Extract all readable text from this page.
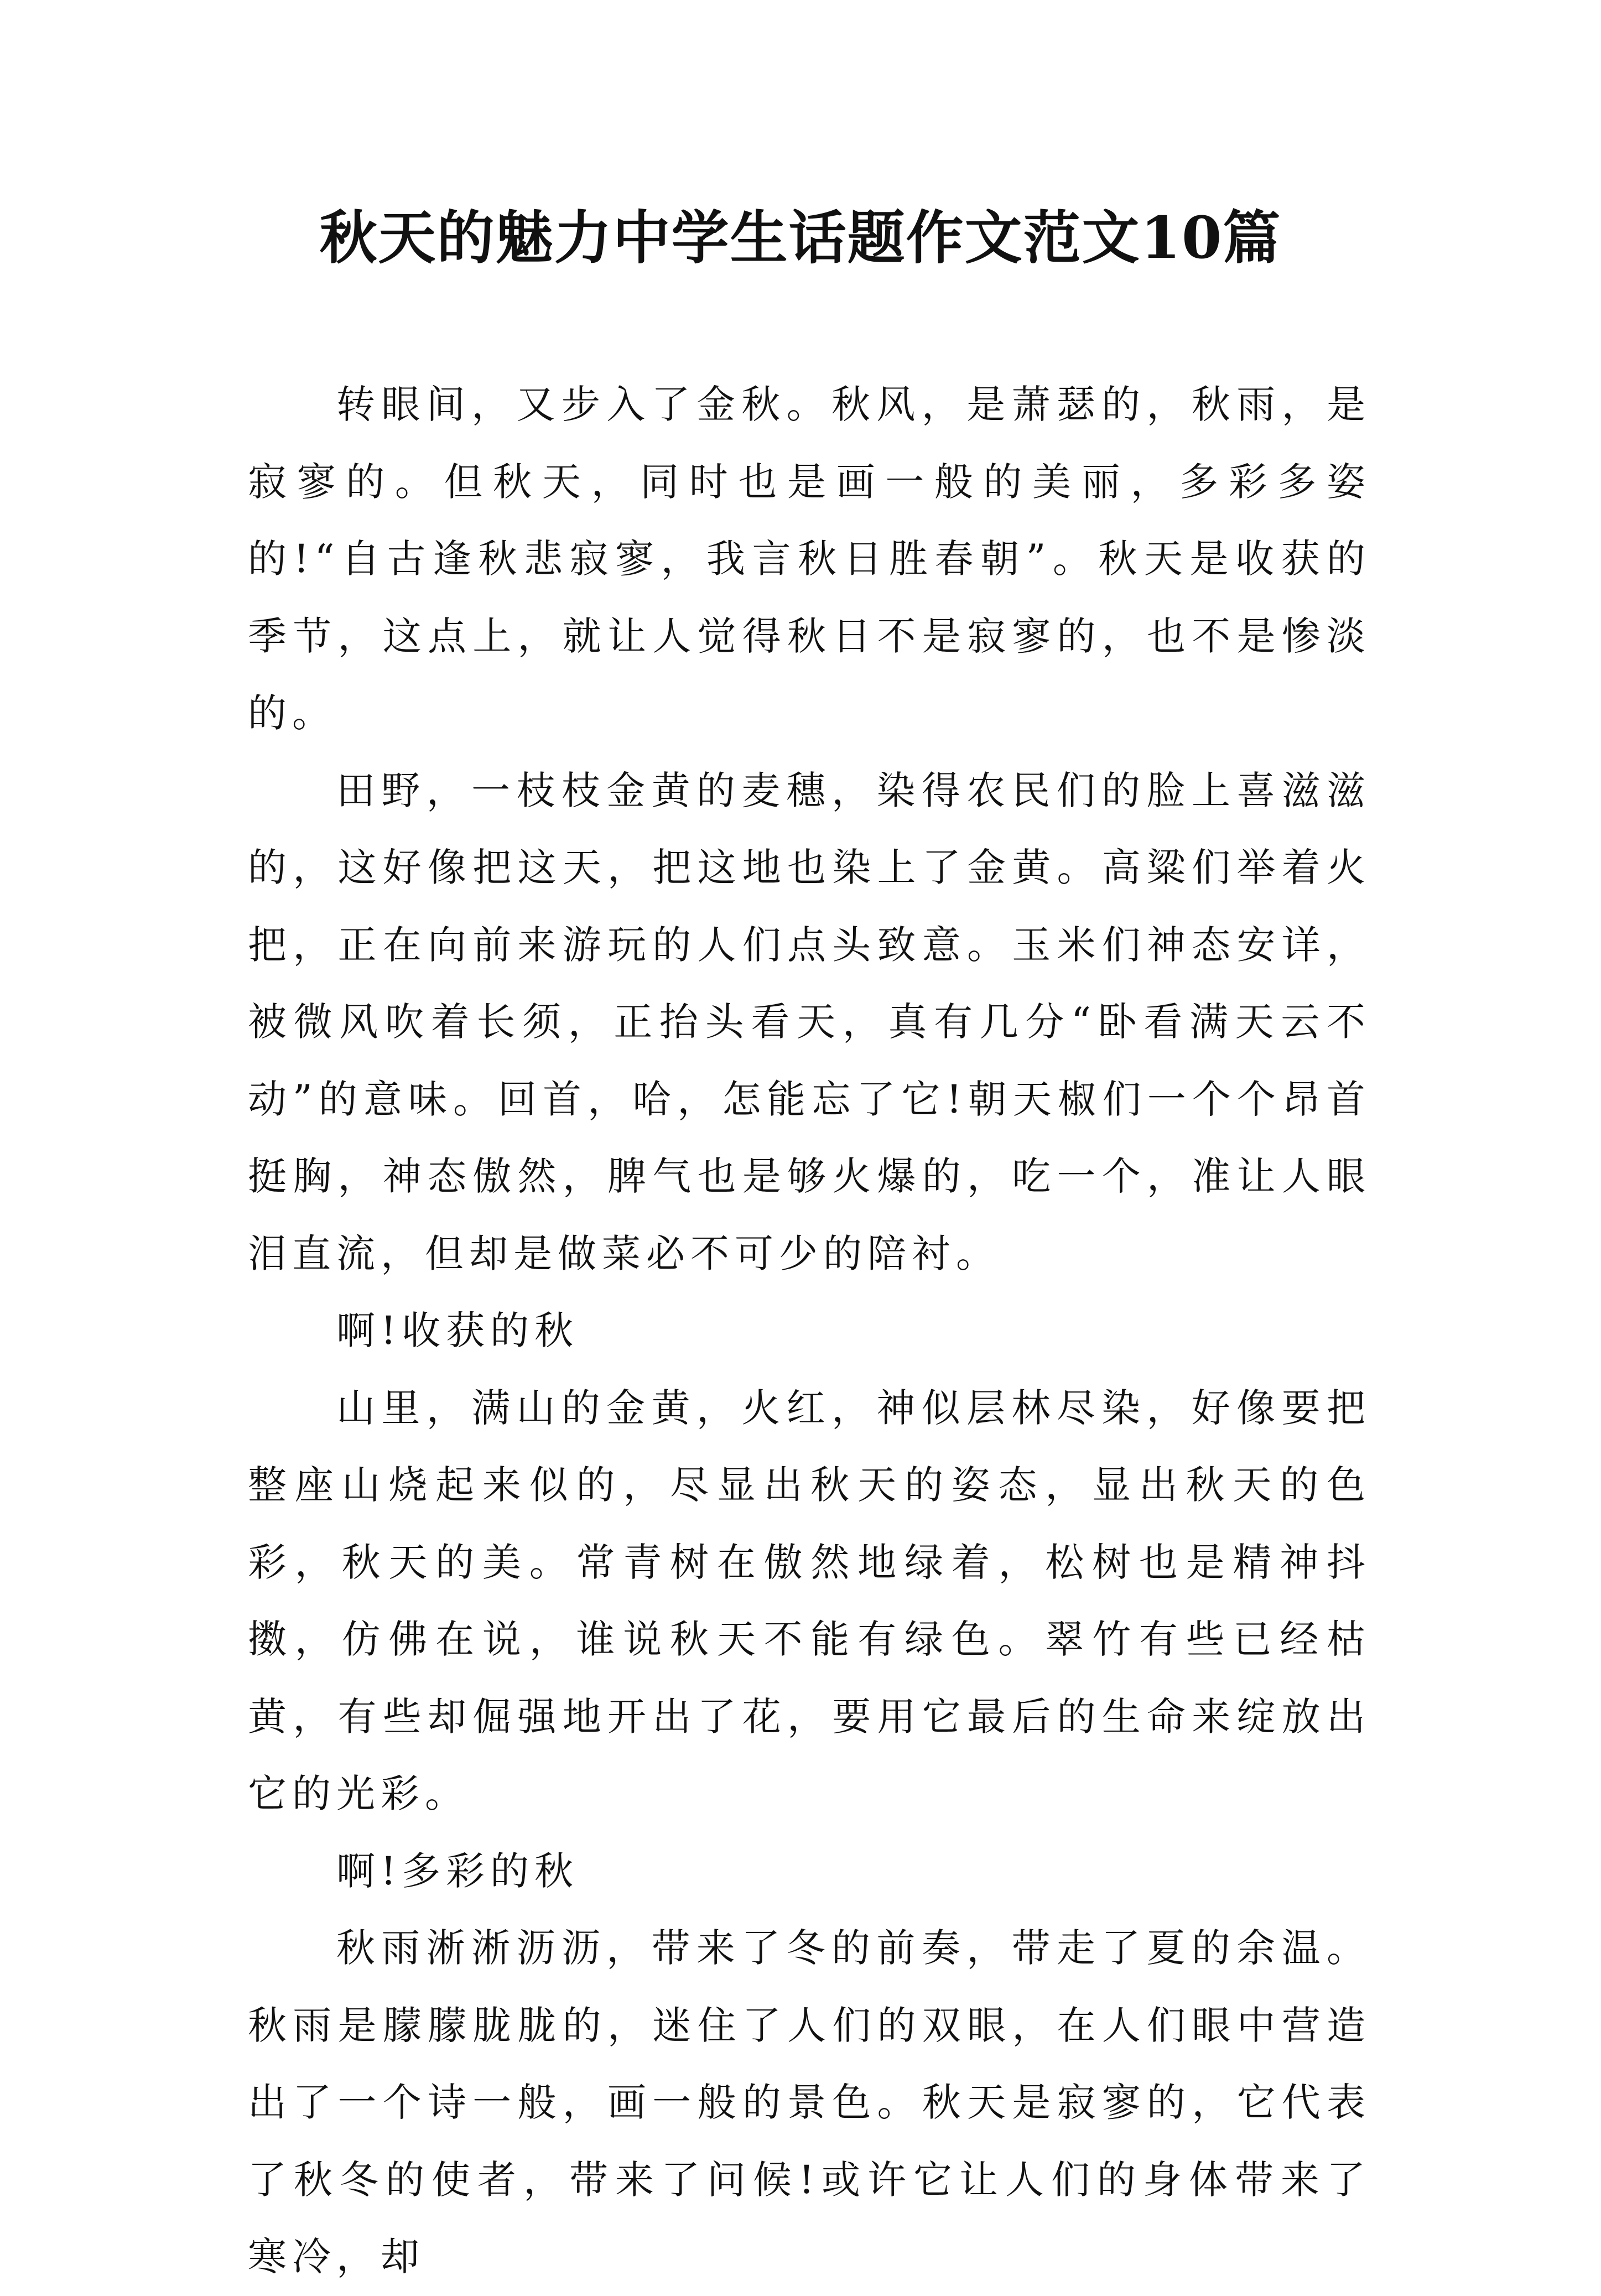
秋天的魅力中学生话题作文范文10篇

转眼间，又步入了金秋。秋风，是萧瑟的，秋雨，是寂寥的。但秋天，同时也是画一般的美丽，多彩多姿的!“自古逢秋悲寂寥，我言秋日胜春朝”。秋天是收获的季节，这点上，就让人觉得秋日不是寂寥的，也不是惨淡的。

田野，一枝枝金黄的麦穗，染得农民们的脸上喜滋滋的，这好像把这天，把这地也染上了金黄。高粱们举着火把，正在向前来游玩的人们点头致意。玉米们神态安详，被微风吹着长须，正抬头看天，真有几分“卧看满天云不动”的意味。回首，哈，怎能忘了它!朝天椒们一个个昂首挺胸，神态傲然，脾气也是够火爆的，吃一个，准让人眼泪直流，但却是做菜必不可少的陪衬。

啊!收获的秋

山里，满山的金黄，火红，神似层林尽染，好像要把整座山烧起来似的，尽显出秋天的姿态，显出秋天的色彩，秋天的美。常青树在傲然地绿着，松树也是精神抖擞，仿佛在说，谁说秋天不能有绿色。翠竹有些已经枯黄，有些却倔强地开出了花，要用它最后的生命来绽放出它的光彩。

啊!多彩的秋

秋雨淅淅沥沥，带来了冬的前奏，带走了夏的余温。秋雨是朦朦胧胧的，迷住了人们的双眼，在人们眼中营造出了一个诗一般，画一般的景色。秋天是寂寥的，它代表了秋冬的使者，带来了问候!或许它让人们的身体带来了寒冷，却
